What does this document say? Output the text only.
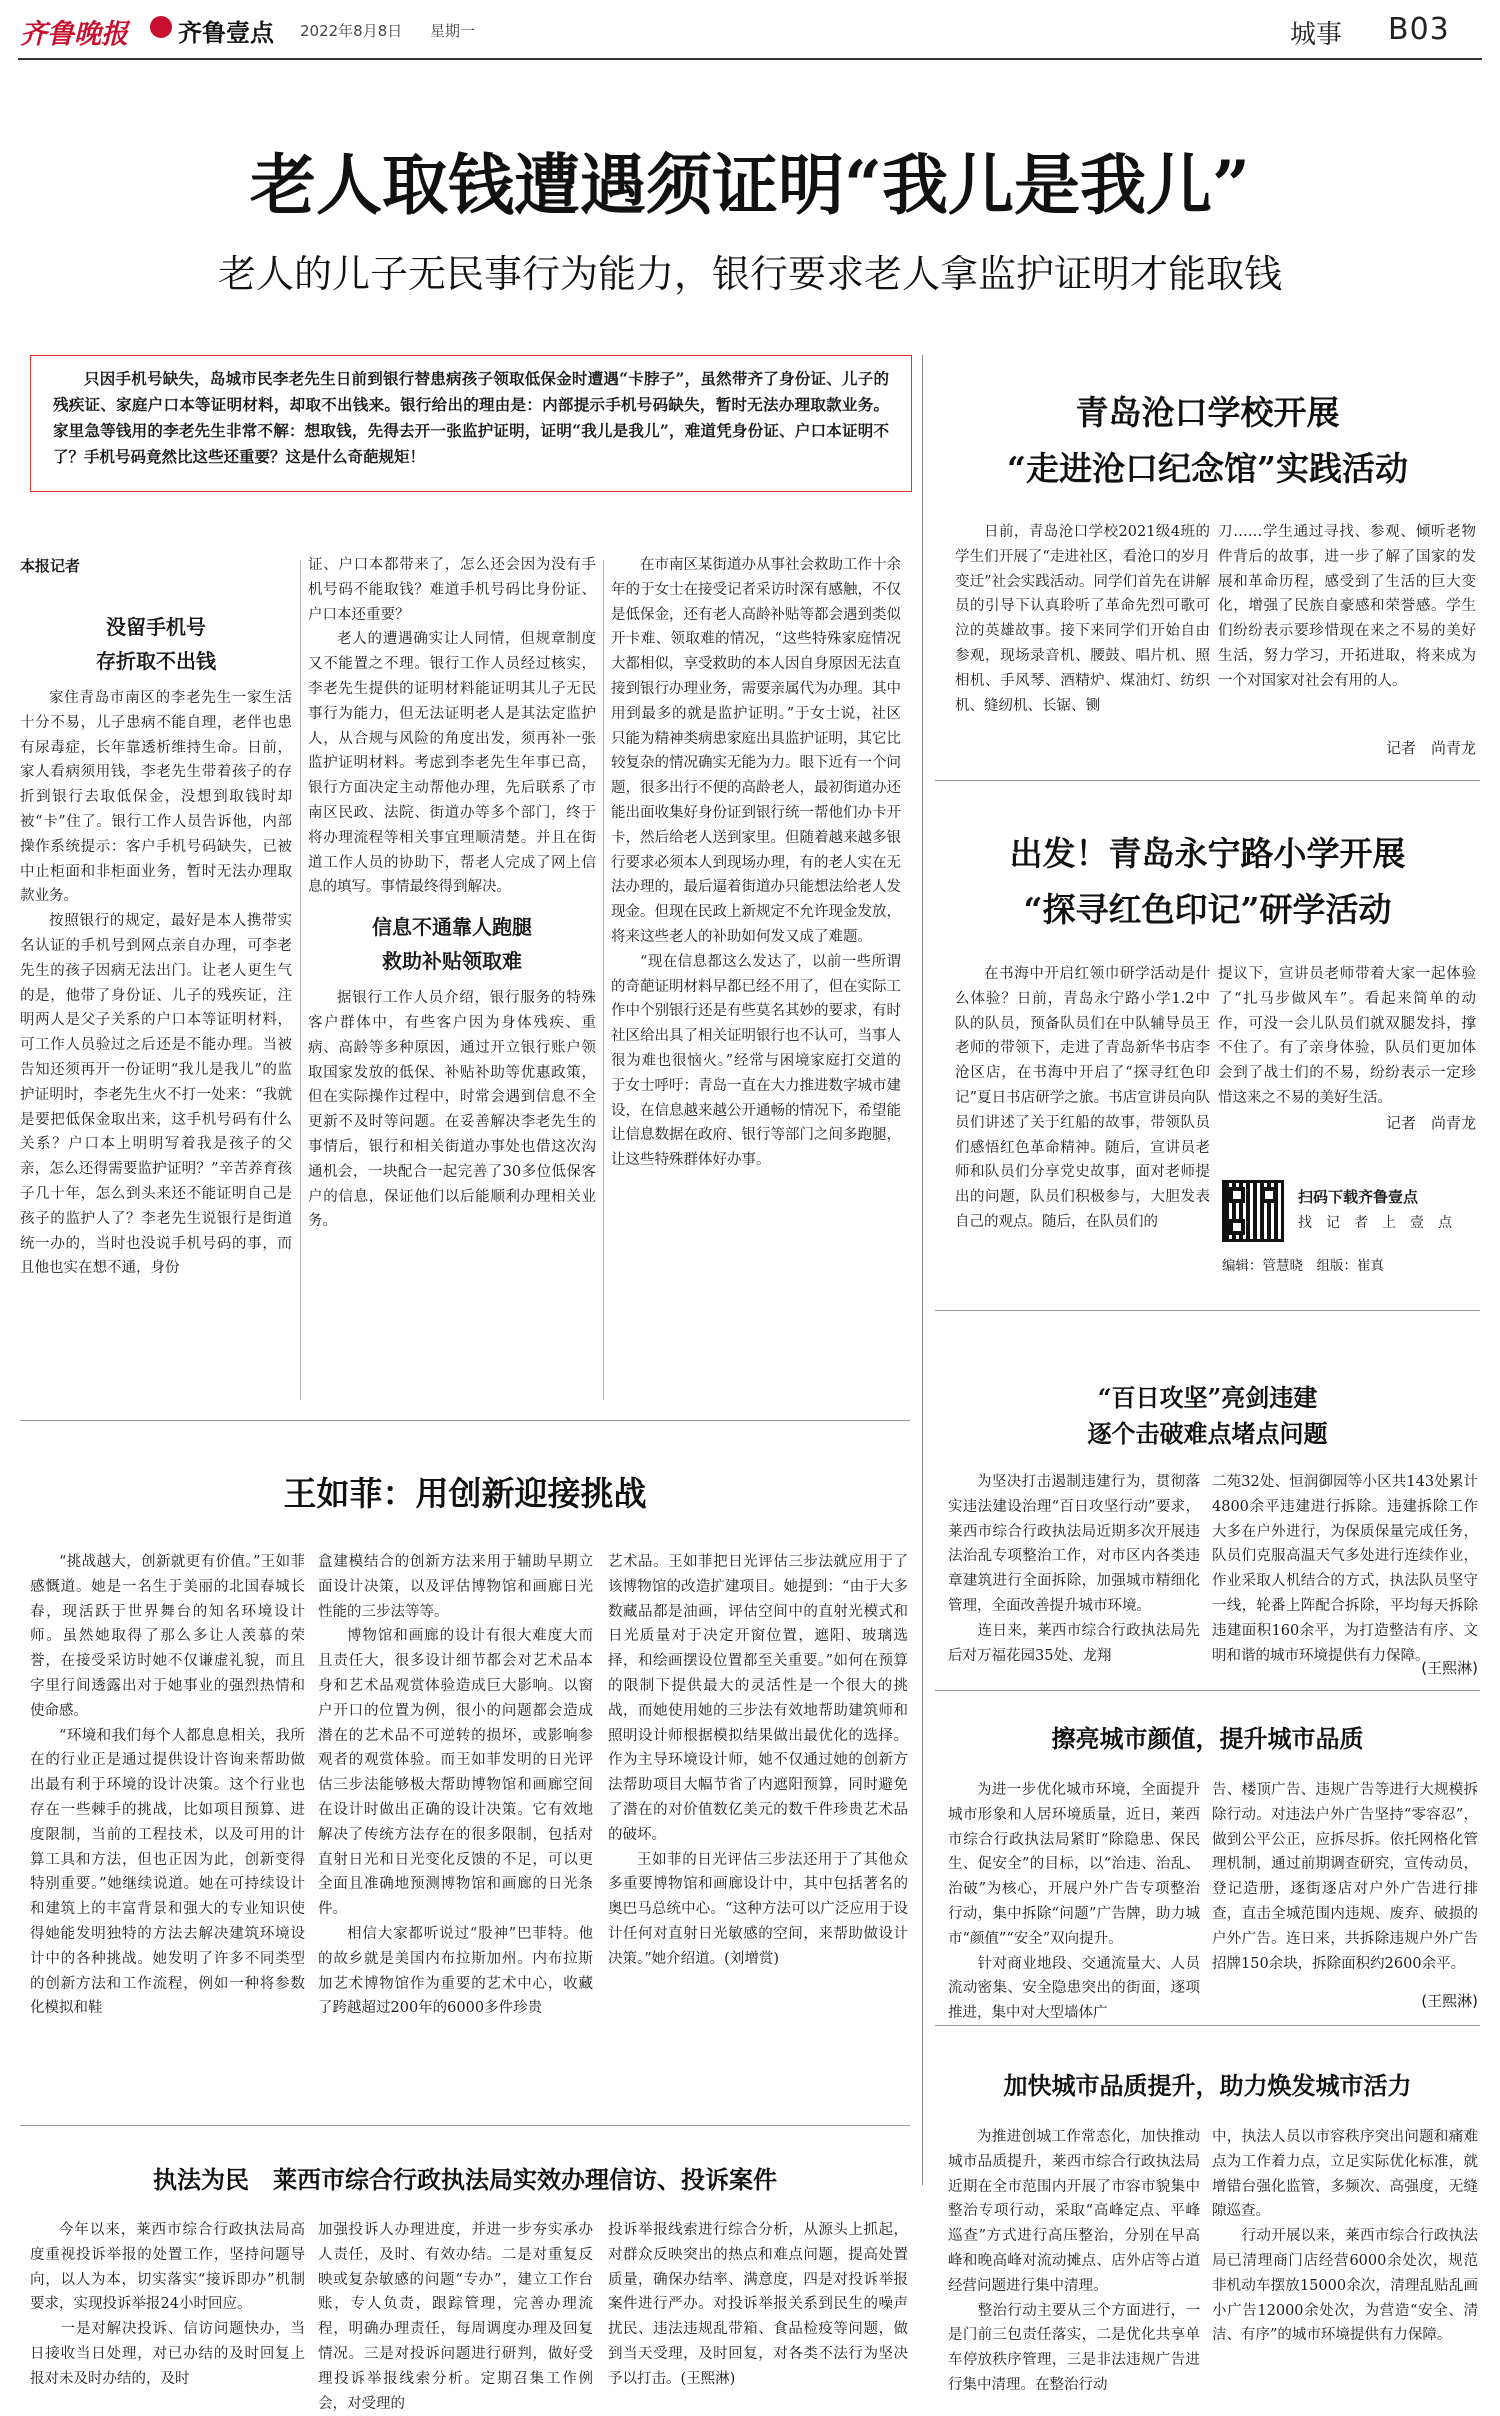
齐鲁晚报 齐鲁壹点 2022年8月8日 星期一	城事 B03
老人取钱遭遇须证明“我儿是我儿”
老人的儿子无民事行为能力，银行要求老人拿监护证明才能取钱
只因手机号缺失，岛城市民李老先生日前到银行替患病孩子领取低保金时遭遇“卡脖子”，虽然带齐了身份证、儿子的残疾证、家庭户口本等证明材料，却取不出钱来。银行给出的理由是：内部提示手机号码缺失，暂时无法办理取款业务。家里急等钱用的李老先生非常不解：想取钱，先得去开一张监护证明，证明“我儿是我儿”，难道凭身份证、户口本证明不了？手机号码竟然比这些还重要？这是什么奇葩规矩！
本报记者
没留手机号
存折取不出钱

家住青岛市南区的李老先生一家生活十分不易，儿子患病不能自理，老伴也患有尿毒症，长年靠透析维持生命。日前，家人看病须用钱，李老先生带着孩子的存折到银行去取低保金，没想到取钱时却被“卡”住了。银行工作人员告诉他，内部操作系统提示：客户手机号码缺失，已被中止柜面和非柜面业务，暂时无法办理取款业务。

按照银行的规定，最好是本人携带实名认证的手机号到网点亲自办理，可李老先生的孩子因病无法出门。让老人更生气的是，他带了身份证、儿子的残疾证，注明两人是父子关系的户口本等证明材料，可工作人员验过之后还是不能办理。当被告知还须再开一份证明“我儿是我儿”的监护证明时，李老先生火不打一处来：“我就是要把低保金取出来，这手机号码有什么关系？户口本上明明写着我是孩子的父亲，怎么还得需要监护证明？”辛苦养育孩子几十年，怎么到头来还不能证明自己是孩子的监护人了？李老先生说银行是街道统一办的，当时也没说手机号码的事，而且他也实在想不通，身份

证、户口本都带来了，怎么还会因为没有手机号码不能取钱？难道手机号码比身份证、户口本还重要？

老人的遭遇确实让人同情，但规章制度又不能置之不理。银行工作人员经过核实，李老先生提供的证明材料能证明其儿子无民事行为能力，但无法证明老人是其法定监护人，从合规与风险的角度出发，须再补一张监护证明材料。考虑到李老先生年事已高，银行方面决定主动帮他办理，先后联系了市南区民政、法院、街道办等多个部门，终于将办理流程等相关事宜理顺清楚。并且在街道工作人员的协助下，帮老人完成了网上信息的填写。事情最终得到解决。

信息不通靠人跑腿
救助补贴领取难

据银行工作人员介绍，银行服务的特殊客户群体中，有些客户因为身体残疾、重病、高龄等多种原因，通过开立银行账户领取国家发放的低保、补贴补助等优惠政策，但在实际操作过程中，时常会遇到信息不全更新不及时等问题。在妥善解决李老先生的事情后，银行和相关街道办事处也借这次沟通机会，一块配合一起完善了30多位低保客户的信息，保证他们以后能顺利办理相关业务。

在市南区某街道办从事社会救助工作十余年的于女士在接受记者采访时深有感触，不仅是低保金，还有老人高龄补贴等都会遇到类似开卡难、领取难的情况，“这些特殊家庭情况大都相似，享受救助的本人因自身原因无法直接到银行办理业务，需要亲属代为办理。其中用到最多的就是监护证明。”于女士说，社区只能为精神类病患家庭出具监护证明，其它比较复杂的情况确实无能为力。眼下近有一个问题，很多出行不便的高龄老人，最初街道办还能出面收集好身份证到银行统一帮他们办卡开卡，然后给老人送到家里。但随着越来越多银行要求必须本人到现场办理，有的老人实在无法办理的，最后逼着街道办只能想法给老人发现金。但现在民政上新规定不允许现金发放，将来这些老人的补助如何发又成了难题。

“现在信息都这么发达了，以前一些所谓的奇葩证明材料早都已经不用了，但在实际工作中个别银行还是有些莫名其妙的要求，有时社区给出具了相关证明银行也不认可，当事人很为难也很恼火。”经常与困境家庭打交道的于女士呼吁：青岛一直在大力推进数字城市建设，在信息越来越公开通畅的情况下，希望能让信息数据在政府、银行等部门之间多跑腿，让这些特殊群体好办事。

青岛沧口学校开展
“走进沧口纪念馆”实践活动

日前，青岛沧口学校2021级4班的学生们开展了“走进社区，看沧口的岁月变迁”社会实践活动。同学们首先在讲解员的引导下认真聆听了革命先烈可歌可泣的英雄故事。接下来同学们开始自由参观，现场录音机、腰鼓、唱片机、照相机、手风琴、酒精炉、煤油灯、纺织机、缝纫机、长锯、铡

刀……学生通过寻找、参观、倾听老物件背后的故事，进一步了解了国家的发展和革命历程，感受到了生活的巨大变化，增强了民族自豪感和荣誉感。学生们纷纷表示要珍惜现在来之不易的美好生活，努力学习，开拓进取，将来成为一个对国家对社会有用的人。

记者　尚青龙
出发！青岛永宁路小学开展
“探寻红色印记”研学活动

在书海中开启红领巾研学活动是什么体验？日前，青岛永宁路小学1.2中队的队员，预备队员们在中队辅导员王老师的带领下，走进了青岛新华书店李沧区店，在书海中开启了“探寻红色印记”夏日书店研学之旅。书店宣讲员向队员们讲述了关于红船的故事，带领队员们感悟红色革命精神。随后，宣讲员老师和队员们分享党史故事，面对老师提出的问题，队员们积极参与，大胆发表自己的观点。随后，在队员们的

提议下，宣讲员老师带着大家一起体验了“扎马步做风车”。看起来简单的动作，可没一会儿队员们就双腿发抖，撑不住了。有了亲身体验，队员们更加体会到了战士们的不易，纷纷表示一定珍惜这来之不易的美好生活。

记者　尚青龙
扫码下载齐鲁壹点
找　记　者　上　壹　点
编辑：管慧晓　组版：崔真
“百日攻坚”亮剑违建
逐个击破难点堵点问题

为坚决打击遏制违建行为，贯彻落实违法建设治理“百日攻坚行动”要求，莱西市综合行政执法局近期多次开展违法治乱专项整治工作，对市区内各类违章建筑进行全面拆除，加强城市精细化管理，全面改善提升城市环境。
　　连日来，莱西市综合行政执法局先后对万福花园35处、龙翔

二苑32处、恒润御园等小区共143处累计4800余平违建进行拆除。违建拆除工作大多在户外进行，为保质保量完成任务，队员们克服高温天气多处进行连续作业，作业采取人机结合的方式，执法队员坚守一线，轮番上阵配合拆除，平均每天拆除违建面积160余平，为打造整洁有序、文明和谐的城市环境提供有力保障。

(王熙淋)
擦亮城市颜值，提升城市品质

为进一步优化城市环境，全面提升城市形象和人居环境质量，近日，莱西市综合行政执法局紧盯“除隐患、保民生、促安全”的目标，以“治违、治乱、治破”为核心，开展户外广告专项整治行动，集中拆除“问题”广告牌，助力城市“颜值”“安全”双向提升。
　　针对商业地段、交通流量大、人员流动密集、安全隐患突出的街面，逐项推进，集中对大型墙体广

告、楼顶广告、违规广告等进行大规模拆除行动。对违法户外广告坚持“零容忍”，做到公平公正，应拆尽拆。依托网格化管理机制，通过前期调查研究，宣传动员，登记造册，逐街逐店对户外广告进行排查，直击全城范围内违规、废弃、破损的户外广告。连日来，共拆除违规户外广告招牌150余块，拆除面积约2600余平。

(王熙淋)
加快城市品质提升，助力焕发城市活力

为推进创城工作常态化，加快推动城市品质提升，莱西市综合行政执法局近期在全市范围内开展了市容市貌集中整治专项行动，采取“高峰定点、平峰巡查”方式进行高压整治，分别在早高峰和晚高峰对流动摊点、店外店等占道经营问题进行集中清理。
　　整治行动主要从三个方面进行，一是门前三包责任落实，二是优化共享单车停放秩序管理，三是非法违规广告进行集中清理。在整治行动

中，执法人员以市容秩序突出问题和痛难点为工作着力点，立足实际优化标准，就增错台强化监管，多频次、高强度，无缝隙巡查。
　　行动开展以来，莱西市综合行政执法局已清理商门店经营6000余处次，规范非机动车摆放15000余次，清理乱贴乱画小广告12000余处次，为营造“安全、清洁、有序”的城市环境提供有力保障。

王如菲：用创新迎接挑战

“挑战越大，创新就更有价值。”王如菲感慨道。她是一名生于美丽的北国春城长春，现活跃于世界舞台的知名环境设计师。虽然她取得了那么多让人羡慕的荣誉，在接受采访时她不仅谦虚礼貌，而且字里行间透露出对于她事业的强烈热情和使命感。

“环境和我们每个人都息息相关，我所在的行业正是通过提供设计咨询来帮助做出最有利于环境的设计决策。这个行业也存在一些棘手的挑战，比如项目预算、进度限制，当前的工程技术，以及可用的计算工具和方法，但也正因为此，创新变得特别重要。”她继续说道。她在可持续设计和建筑上的丰富背景和强大的专业知识使得她能发明独特的方法去解决建筑环境设计中的各种挑战。她发明了许多不同类型的创新方法和工作流程，例如一种将参数化模拟和鞋

盒建模结合的创新方法来用于辅助早期立面设计决策，以及评估博物馆和画廊日光性能的三步法等等。

博物馆和画廊的设计有很大难度大而且责任大，很多设计细节都会对艺术品本身和艺术品观赏体验造成巨大影响。以窗户开口的位置为例，很小的问题都会造成潜在的艺术品不可逆转的损坏，或影响参观者的观赏体验。而王如菲发明的日光评估三步法能够极大帮助博物馆和画廊空间在设计时做出正确的设计决策。它有效地解决了传统方法存在的很多限制，包括对直射日光和日光变化反馈的不足，可以更全面且准确地预测博物馆和画廊的日光条件。

相信大家都听说过“股神”巴菲特。他的故乡就是美国内布拉斯加州。内布拉斯加艺术博物馆作为重要的艺术中心，收藏了跨越超过200年的6000多件珍贵

艺术品。王如菲把日光评估三步法就应用于了该博物馆的改造扩建项目。她提到：“由于大多数藏品都是油画，评估空间中的直射光模式和日光质量对于决定开窗位置，遮阳、玻璃选择，和绘画摆设位置都至关重要。”如何在预算的限制下提供最大的灵活性是一个很大的挑战，而她使用她的三步法有效地帮助建筑师和照明设计师根据模拟结果做出最优化的选择。作为主导环境设计师，她不仅通过她的创新方法帮助项目大幅节省了内遮阳预算，同时避免了潜在的对价值数亿美元的数千件珍贵艺术品的破坏。

王如菲的日光评估三步法还用于了其他众多重要博物馆和画廊设计中，其中包括著名的奥巴马总统中心。“这种方法可以广泛应用于设计任何对直射日光敏感的空间，来帮助做设计决策。”她介绍道。(刘增赏)

执法为民　莱西市综合行政执法局实效办理信访、投诉案件

今年以来，莱西市综合行政执法局高度重视投诉举报的处置工作，坚持问题导向，以人为本，切实落实“接诉即办”机制要求，实现投诉举报24小时回应。
　　一是对解决投诉、信访问题快办，当日接收当日处理，对已办结的及时回复上报对未及时办结的，及时

加强投诉人办理进度，并进一步夯实承办人责任，及时、有效办结。二是对重复反映或复杂敏感的问题“专办”，建立工作台账，专人负责，跟踪管理，完善办理流程，明确办理责任，每周调度办理及回复情况。三是对投诉问题进行研判，做好受理投诉举报线索分析。定期召集工作例会，对受理的

投诉举报线索进行综合分析，从源头上抓起，对群众反映突出的热点和难点问题，提高处置质量，确保办结率、满意度，四是对投诉举报案件进行严办。对投诉举报关系到民生的噪声扰民、违法违规乱带箱、食品检疫等问题，做到当天受理，及时回复，对各类不法行为坚决予以打击。(王熙淋)
